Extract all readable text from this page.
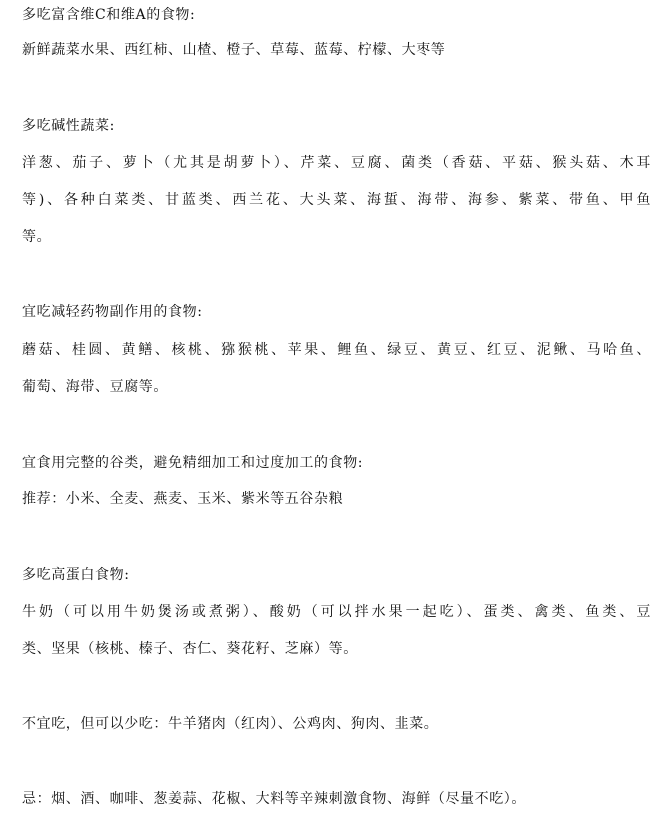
多吃富含维C和维A的食物:
新鲜蔬菜水果、西红柿、山楂、橙子、草莓、蓝莓、柠檬、大枣等
多吃碱性蔬菜:
洋葱、茄子、萝卜（尤其是胡萝卜）、芹菜、豆腐、菌类（香菇、平菇、猴头菇、木耳
等)、各种白菜类、甘蓝类、西兰花、大头菜、海蜇、海带、海参、紫菜、带鱼、甲鱼
等。
宜吃减轻药物副作用的食物:
蘑菇、桂圆、黄鳝、核桃、猕猴桃、苹果、鲤鱼、绿豆、黄豆、红豆、泥鳅、马哈鱼、
葡萄、海带、豆腐等。
宜食用完整的谷类，避免精细加工和过度加工的食物:
推荐：小米、全麦、燕麦、玉米、紫米等五谷杂粮
多吃高蛋白食物:
牛奶（可以用牛奶煲汤或煮粥）、酸奶（可以拌水果一起吃）、蛋类、禽类、鱼类、豆
类、坚果（核桃、榛子、杏仁、葵花籽、芝麻）等。
不宜吃，但可以少吃：牛羊猪肉（红肉）、公鸡肉、狗肉、韭菜。
忌：烟、酒、咖啡、葱姜蒜、花椒、大料等辛辣刺激食物、海鲜（尽量不吃）。
